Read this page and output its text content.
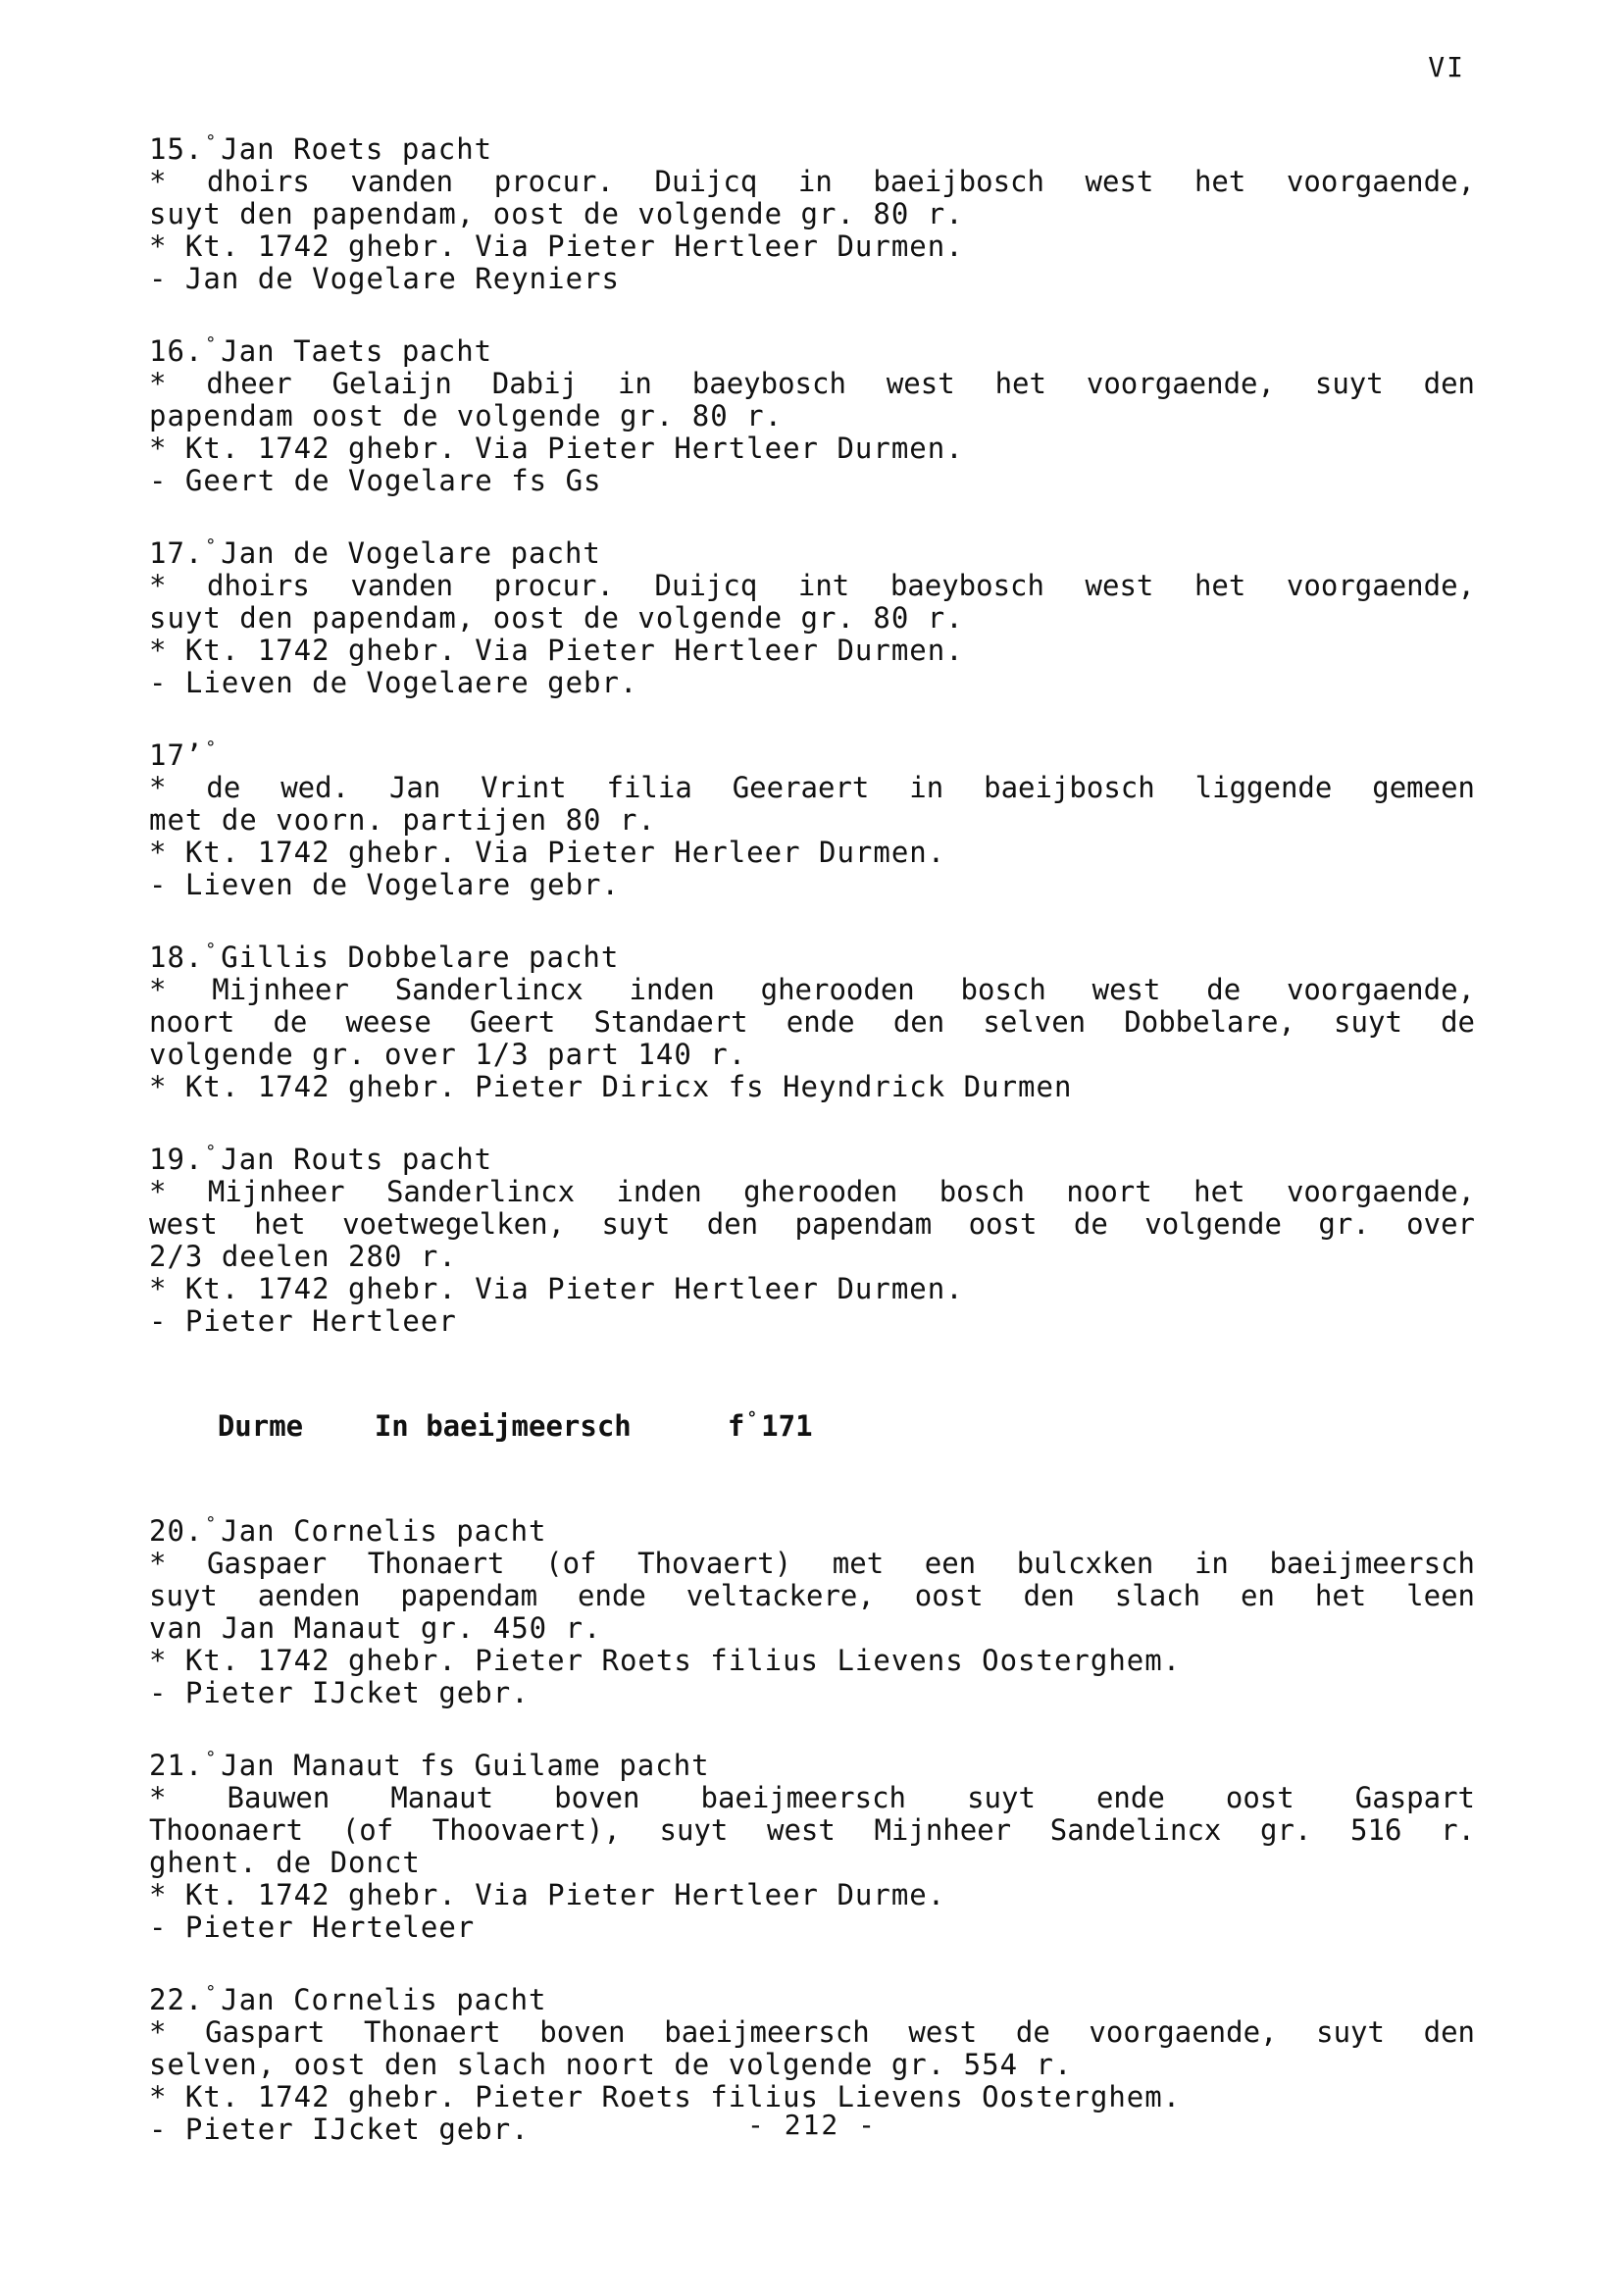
VI
15. ° Jan Roets pacht
* dhoirs vanden procur. Duijcq in baeijbosch west het voorgaende,
suyt den papendam, oost de volgende gr. 80 r.
* Kt. 1742 ghebr. Via Pieter Hertleer Durmen.
- Jan de Vogelare Reyniers
16. ° Jan Taets pacht
* dheer Gelaijn Dabij in baeybosch west het voorgaende, suyt den
papendam oost de volgende gr. 80 r.
* Kt. 1742 ghebr. Via Pieter Hertleer Durmen.
- Geert de Vogelare fs Gs
17. ° Jan de Vogelare pacht
* dhoirs vanden procur. Duijcq int baeybosch west het voorgaende,
suyt den papendam, oost de volgende gr. 80 r.
* Kt. 1742 ghebr. Via Pieter Hertleer Durmen.
- Lieven de Vogelaere gebr.
17’ °
* de wed. Jan Vrint filia Geeraert in baeijbosch liggende gemeen
met de voorn. partijen 80 r.
* Kt. 1742 ghebr. Via Pieter Herleer Durmen.
- Lieven de Vogelare gebr.
18. ° Gillis Dobbelare pacht
* Mijnheer Sanderlincx inden gherooden bosch west de voorgaende,
noort de weese Geert Standaert ende den selven Dobbelare, suyt de
volgende gr. over 1/3 part 140 r.
* Kt. 1742 ghebr. Pieter Diricx fs Heyndrick Durmen
19. ° Jan Routs pacht
* Mijnheer Sanderlincx inden gherooden bosch noort het voorgaende,
west het voetwegelken, suyt den papendam oost de volgende gr. over
2/3 deelen 280 r.
* Kt. 1742 ghebr. Via Pieter Hertleer Durmen.
- Pieter Hertleer

Durme	In baeijmeersch	f ° 171

20. ° Jan Cornelis pacht
* Gaspaer Thonaert (of Thovaert) met een bulcxken in baeijmeersch
suyt aenden papendam ende veltackere, oost den slach en het leen
van Jan Manaut gr. 450 r.
* Kt. 1742 ghebr. Pieter Roets filius Lievens Oosterghem.
- Pieter IJcket gebr.
21. ° Jan Manaut fs Guilame pacht
* Bauwen Manaut boven baeijmeersch suyt ende oost Gaspart
Thoonaert (of Thoovaert), suyt west Mijnheer Sandelincx gr. 516 r.
ghent. de Donct
* Kt. 1742 ghebr. Via Pieter Hertleer Durme.
- Pieter Herteleer
22. ° Jan Cornelis pacht
* Gaspart Thonaert boven baeijmeersch west de voorgaende, suyt den
selven, oost den slach noort de volgende gr. 554 r.
* Kt. 1742 ghebr. Pieter Roets filius Lievens Oosterghem.
- Pieter IJcket gebr.	- 212 -
